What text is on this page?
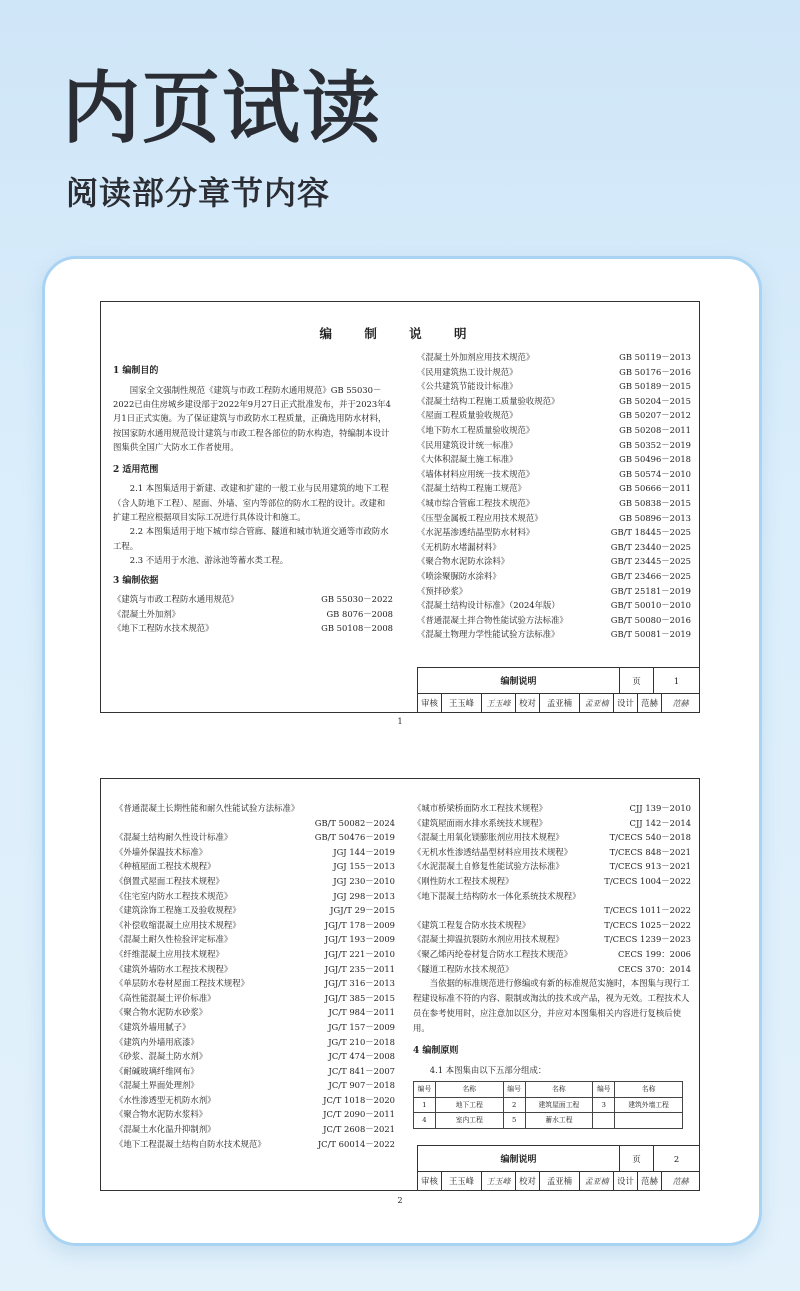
内页试读
阅读部分章节内容
编 制 说 明
1 编制目的
国家全文强制性规范《建筑与市政工程防水通用规范》GB 55030－2022已由住房城乡建设部于2022年9月27日正式批准发布，并于2023年4月1日正式实施。为了保证建筑与市政防水工程质量，正确选用防水材料，按国家防水通用规范设计建筑与市政工程各部位的防水构造，特编制本设计图集供全国广大防水工作者使用。
2 适用范围
2.1 本图集适用于新建、改建和扩建的一般工业与民用建筑的地下工程（含人防地下工程）、屋面、外墙、室内等部位的防水工程的设计。改建和扩建工程应根据项目实际工况进行具体设计和施工。
2.2 本图集适用于地下城市综合管廊、隧道和城市轨道交通等市政防水工程。
2.3 不适用于水池、游泳池等蓄水类工程。
3 编制依据
《建筑与市政工程防水通用规范》	GB 55030－2022
《混凝土外加剂》	GB 8076－2008
《地下工程防水技术规范》	GB 50108－2008
《混凝土外加剂应用技术规范》	GB 50119－2013
《民用建筑热工设计规范》	GB 50176－2016
《公共建筑节能设计标准》	GB 50189－2015
《混凝土结构工程施工质量验收规范》	GB 50204－2015
《屋面工程质量验收规范》	GB 50207－2012
《地下防水工程质量验收规范》	GB 50208－2011
《民用建筑设计统一标准》	GB 50352－2019
《大体积混凝土施工标准》	GB 50496－2018
《墙体材料应用统一技术规范》	GB 50574－2010
《混凝土结构工程施工规范》	GB 50666－2011
《城市综合管廊工程技术规范》	GB 50838－2015
《压型金属板工程应用技术规范》	GB 50896－2013
《水泥基渗透结晶型防水材料》	GB/T 18445－2025
《无机防水堵漏材料》	GB/T 23440－2025
《聚合物水泥防水涂料》	GB/T 23445－2025
《喷涂聚脲防水涂料》	GB/T 23466－2025
《预拌砂浆》	GB/T 25181－2019
《混凝土结构设计标准》（2024年版）	GB/T 50010－2010
《普通混凝土拌合物性能试验方法标准》	GB/T 50080－2016
《混凝土物理力学性能试验方法标准》	GB/T 50081－2019
编制说明	页	1
审核	王玉峰	王玉峰	校对	孟亚楠	孟亚楠	设计 范赫	范赫
1
《普通混凝土长期性能和耐久性能试验方法标准》
GB/T 50082－2024
《混凝土结构耐久性设计标准》	GB/T 50476－2019
《外墙外保温技术标准》	JGJ 144－2019
《种植屋面工程技术规程》	JGJ 155－2013
《倒置式屋面工程技术规程》	JGJ 230－2010
《住宅室内防水工程技术规范》	JGJ 298－2013
《建筑涂饰工程施工及验收规程》	JGJ/T 29－2015
《补偿收缩混凝土应用技术规程》	JGJ/T 178－2009
《混凝土耐久性检验评定标准》	JGJ/T 193－2009
《纤维混凝土应用技术规程》	JGJ/T 221－2010
《建筑外墙防水工程技术规程》	JGJ/T 235－2011
《单层防水卷材屋面工程技术规程》	JGJ/T 316－2013
《高性能混凝土评价标准》	JGJ/T 385－2015
《聚合物水泥防水砂浆》	JC/T 984－2011
《建筑外墙用腻子》	JG/T 157－2009
《建筑内外墙用底漆》	JG/T 210－2018
《砂浆、混凝土防水剂》	JC/T 474－2008
《耐碱玻璃纤维网布》	JC/T 841－2007
《混凝土界面处理剂》	JC/T 907－2018
《水性渗透型无机防水剂》	JC/T 1018－2020
《聚合物水泥防水浆料》	JC/T 2090－2011
《混凝土水化温升抑制剂》	JC/T 2608－2021
《地下工程混凝土结构自防水技术规范》	JC/T 60014－2022
《城市桥梁桥面防水工程技术规程》	CJJ 139－2010
《建筑屋面雨水排水系统技术规程》	CJJ 142－2014
《混凝土用氧化镁膨胀剂应用技术规程》	T/CECS 540－2018
《无机水性渗透结晶型材料应用技术规程》	T/CECS 848－2021
《水泥混凝土自修复性能试验方法标准》	T/CECS 913－2021
《刚性防水工程技术规程》	T/CECS 1004－2022
《地下混凝土结构防水一体化系统技术规程》
T/CECS 1011－2022
《建筑工程复合防水技术规程》	T/CECS 1025－2022
《混凝土抑温抗裂防水剂应用技术规程》	T/CECS 1239－2023
《聚乙烯丙纶卷材复合防水工程技术规范》	CECS 199：2006
《隧道工程防水技术规范》	CECS 370：2014
当依据的标准规范进行修编或有新的标准规范实施时，本图集与现行工程建设标准不符的内容、限制或淘汰的技术或产品，视为无效。工程技术人员在参考使用时，应注意加以区分，并应对本图集相关内容进行复核后使用。
4 编制原则
4.1 本图集由以下五部分组成：
编号	名称	编号	名称	编号	名称
1	地下工程	2	建筑屋面工程	3	建筑外墙工程
4	室内工程	5	蓄水工程		
编制说明	页	2
审核	王玉峰	王玉峰	校对	孟亚楠	孟亚楠	设计 范赫	范赫
2
